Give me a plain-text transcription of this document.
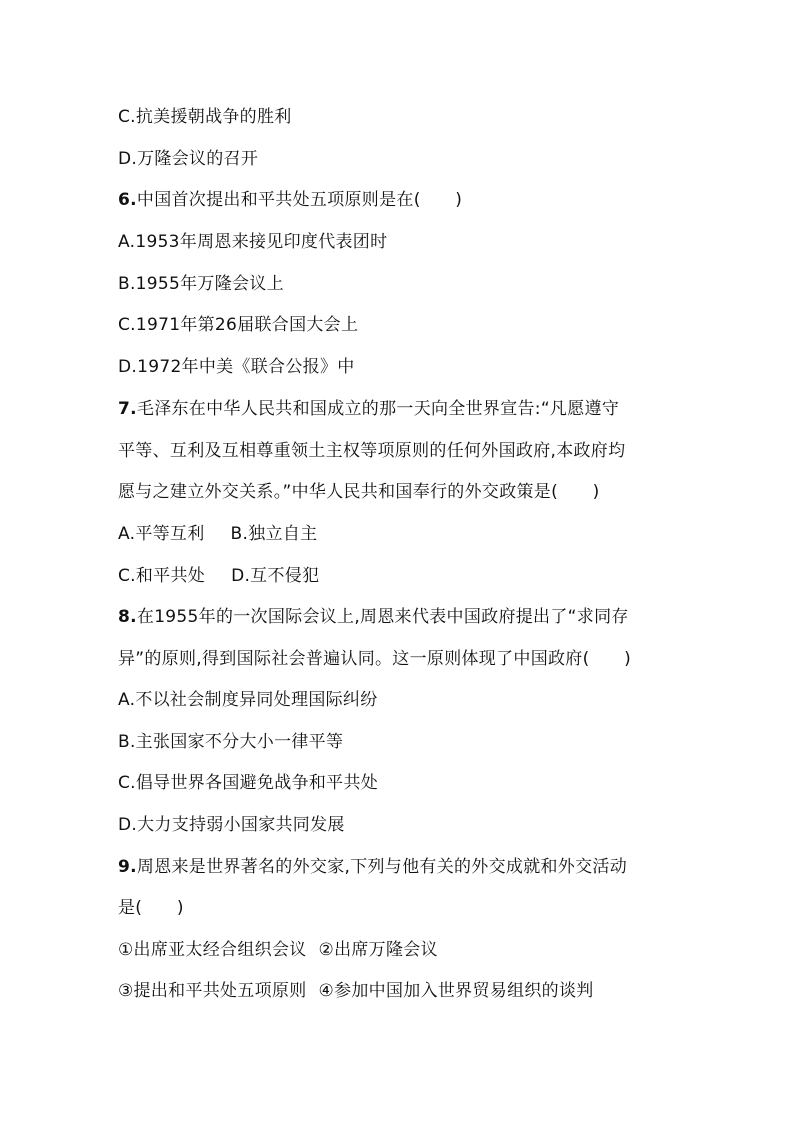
C.抗美援朝战争的胜利
D.万隆会议的召开
6.中国首次提出和平共处五项原则是在(　　)
A.1953年周恩来接见印度代表团时
B.1955年万隆会议上
C.1971年第26届联合国大会上
D.1972年中美《联合公报》中
7.毛泽东在中华人民共和国成立的那一天向全世界宣告:“凡愿遵守
平等、互利及互相尊重领土主权等项原则的任何外国政府,本政府均
愿与之建立外交关系。”中华人民共和国奉行的外交政策是(　　)
A.平等互利 B.独立自主
C.和平共处 D.互不侵犯
8.在1955年的一次国际会议上,周恩来代表中国政府提出了“求同存
异”的原则,得到国际社会普遍认同。这一原则体现了中国政府(　　)
A.不以社会制度异同处理国际纠纷
B.主张国家不分大小一律平等
C.倡导世界各国避免战争和平共处
D.大力支持弱小国家共同发展
9.周恩来是世界著名的外交家,下列与他有关的外交成就和外交活动
是(　　)
①出席亚太经合组织会议 ②出席万隆会议
③提出和平共处五项原则 ④参加中国加入世界贸易组织的谈判
